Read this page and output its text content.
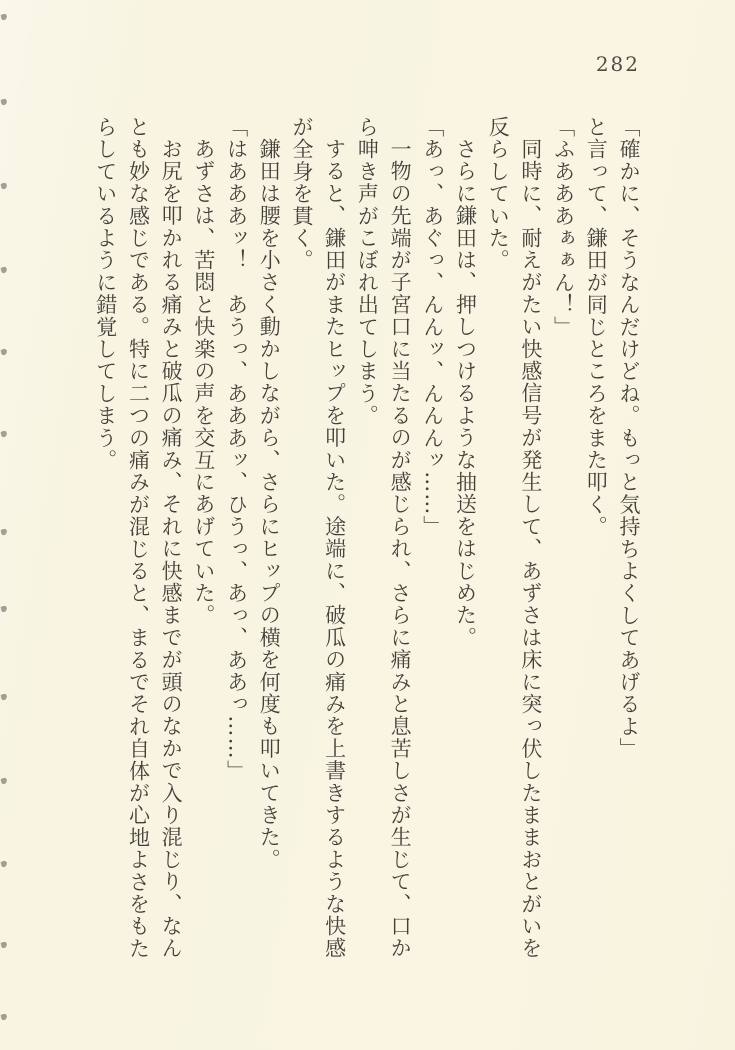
282

「確かに、そうなんだけどね。もっと気持ちよくしてあげるよ」

と言って、鎌田が同じところをまた叩く。

「ふあああぁぁん！」

同時に、耐えがたい快感信号が発生して、あずさは床に突っ伏したままおとがいを

反らしていた。

さらに鎌田は、押しつけるような抽送をはじめた。

「あっ、あぐっ、んんッ、んんんッ……」

一物の先端が子宮口に当たるのが感じられ、さらに痛みと息苦しさが生じて、口か

ら呻き声がこぼれ出てしまう。

すると、鎌田がまたヒップを叩いた。途端に、破瓜の痛みを上書きするような快感

が全身を貫く。

鎌田は腰を小さく動かしながら、さらにヒップの横を何度も叩いてきた。

「はあああッ！　あうっ、あああッ、ひうっ、あっ、ああっ……」

あずさは、苦悶と快楽の声を交互にあげていた。

お尻を叩かれる痛みと破瓜の痛み、それに快感までが頭のなかで入り混じり、なん

とも妙な感じである。特に二つの痛みが混じると、まるでそれ自体が心地よさをもた

らしているように錯覚してしまう。
